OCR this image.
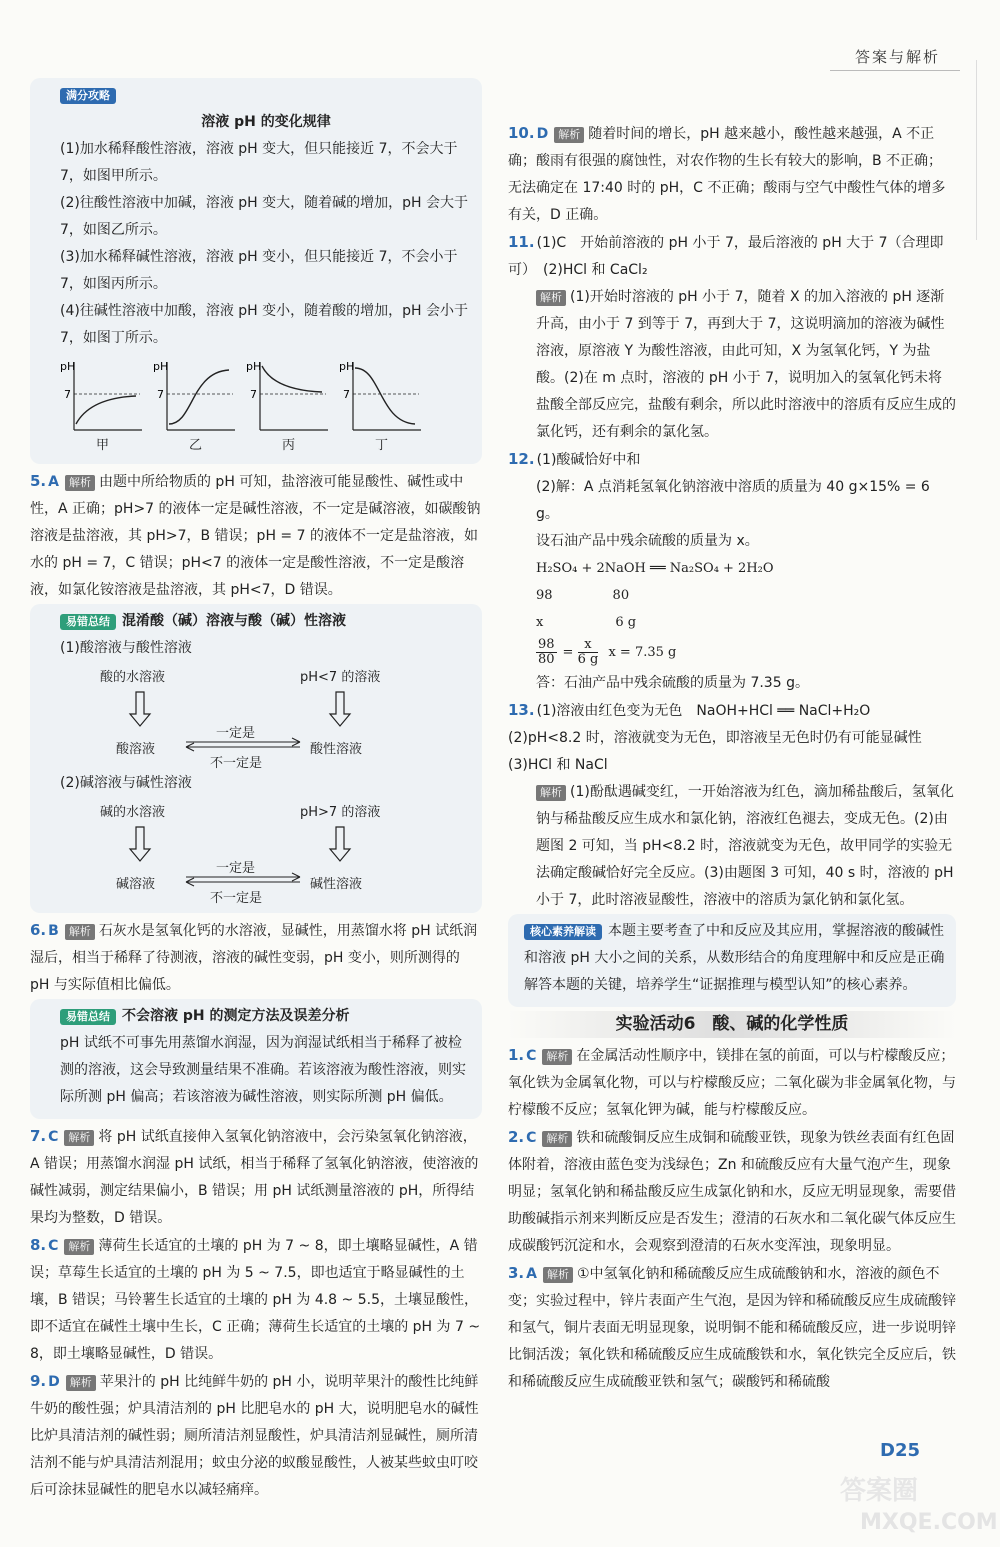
答案与解析
满分攻略
溶液 pH 的变化规律

(1)加水稀释酸性溶液，溶液 pH 变大，但只能接近 7，不会大于 7，如图甲所示。

(2)往酸性溶液中加碱，溶液 pH 变大，随着碱的增加，pH 会大于 7，如图乙所示。

(3)加水稀释碱性溶液，溶液 pH 变小，但只能接近 7，不会小于 7，如图丙所示。

(4)往碱性溶液中加酸，溶液 pH 变小，随着酸的增加，pH 会小于 7，如图丁所示。

pH
7
甲
pH
7
乙
pH
7
丙
pH
7
丁

5. A 解析 由题中所给物质的 pH 可知，盐溶液可能显酸性、碱性或中性，A 正确；pH>7 的液体一定是碱性溶液，不一定是碱溶液，如碳酸钠溶液是盐溶液，其 pH>7，B 错误；pH = 7 的液体不一定是盐溶液，如水的 pH = 7，C 错误；pH<7 的液体一定是酸性溶液，不一定是酸溶液，如氯化铵溶液是盐溶液，其 pH<7，D 错误。

易错总结 混淆酸（碱）溶液与酸（碱）性溶液

(1)酸溶液与酸性溶液

酸的水溶液	pH<7 的溶液
一定是
酸溶液	酸性溶液
不一定是

(2)碱溶液与碱性溶液

碱的水溶液	pH>7 的溶液
一定是
碱溶液	碱性溶液
不一定是

6. B 解析 石灰水是氢氧化钙的水溶液，显碱性，用蒸馏水将 pH 试纸润湿后，相当于稀释了待测液，溶液的碱性变弱，pH 变小，则所测得的 pH 与实际值相比偏低。

易错总结 不会溶液 pH 的测定方法及误差分析

pH 试纸不可事先用蒸馏水润湿，因为润湿试纸相当于稀释了被检测的溶液，这会导致测量结果不准确。若该溶液为酸性溶液，则实际所测 pH 偏高；若该溶液为碱性溶液，则实际所测 pH 偏低。

7. C 解析 将 pH 试纸直接伸入氢氧化钠溶液中，会污染氢氧化钠溶液，A 错误；用蒸馏水润湿 pH 试纸，相当于稀释了氢氧化钠溶液，使溶液的碱性减弱，测定结果偏小，B 错误；用 pH 试纸测量溶液的 pH，所得结果均为整数，D 错误。

8. C 解析 薄荷生长适宜的土壤的 pH 为 7 ~ 8，即土壤略显碱性，A 错误；草莓生长适宜的土壤的 pH 为 5 ~ 7.5，即也适宜于略显碱性的土壤，B 错误；马铃薯生长适宜的土壤的 pH 为 4.8 ~ 5.5，土壤显酸性，即不适宜在碱性土壤中生长，C 正确；薄荷生长适宜的土壤的 pH 为 7 ~ 8，即土壤略显碱性，D 错误。

9. D 解析 苹果汁的 pH 比纯鲜牛奶的 pH 小，说明苹果汁的酸性比纯鲜牛奶的酸性强；炉具清洁剂的 pH 比肥皂水的 pH 大，说明肥皂水的碱性比炉具清洁剂的碱性弱；厕所清洁剂显酸性，炉具清洁剂显碱性，厕所清洁剂不能与炉具清洁剂混用；蚊虫分泌的蚁酸显酸性，人被某些蚊虫叮咬后可涂抹显碱性的肥皂水以减轻痛痒。

10. D 解析 随着时间的增长，pH 越来越小，酸性越来越强，A 不正确；酸雨有很强的腐蚀性，对农作物的生长有较大的影响，B 不正确；无法确定在 17:40 时的 pH，C 不正确；酸雨与空气中酸性气体的增多有关，D 正确。

11. (1)C　开始前溶液的 pH 小于 7，最后溶液的 pH 大于 7（合理即可）　(2)HCl 和 CaCl₂

解析 (1)开始时溶液的 pH 小于 7，随着 X 的加入溶液的 pH 逐渐升高，由小于 7 到等于 7，再到大于 7，这说明滴加的溶液为碱性溶液，原溶液 Y 为酸性溶液，由此可知，X 为氢氧化钙，Y 为盐酸。(2)在 m 点时，溶液的 pH 小于 7，说明加入的氢氧化钙未将盐酸全部反应完，盐酸有剩余，所以此时溶液中的溶质有反应生成的氯化钙，还有剩余的氯化氢。

12. (1)酸碱恰好中和

(2)解：A 点消耗氢氧化钠溶液中溶质的质量为 40 g×15% = 6 g。

设石油产品中残余硫酸的质量为 x。

H₂SO₄ + 2NaOH ══ Na₂SO₄ + 2H₂O

98	80

x	6 g

$\frac{98}{80} = \frac{x}{6 g}$ x = 7.35 g

答：石油产品中残余硫酸的质量为 7.35 g。

13. (1)溶液由红色变为无色　NaOH+HCl ══ NaCl+H₂O　(2)pH<8.2 时，溶液就变为无色，即溶液呈无色时仍有可能显碱性　(3)HCl 和 NaCl

解析 (1)酚酞遇碱变红，一开始溶液为红色，滴加稀盐酸后，氢氧化钠与稀盐酸反应生成水和氯化钠，溶液红色褪去，变成无色。(2)由题图 2 可知，当 pH<8.2 时，溶液就变为无色，故甲同学的实验无法确定酸碱恰好完全反应。(3)由题图 3 可知，40 s 时，溶液的 pH 小于 7，此时溶液显酸性，溶液中的溶质为氯化钠和氯化氢。

核心素养解读 本题主要考查了中和反应及其应用，掌握溶液的酸碱性和溶液 pH 大小之间的关系，从数形结合的角度理解中和反应是正确解答本题的关键，培养学生“证据推理与模型认知”的核心素养。
实验活动6　酸、碱的化学性质

1. C 解析 在金属活动性顺序中，镁排在氢的前面，可以与柠檬酸反应；氧化铁为金属氧化物，可以与柠檬酸反应；二氧化碳为非金属氧化物，与柠檬酸不反应；氢氧化钾为碱，能与柠檬酸反应。

2. C 解析 铁和硫酸铜反应生成铜和硫酸亚铁，现象为铁丝表面有红色固体附着，溶液由蓝色变为浅绿色；Zn 和硫酸反应有大量气泡产生，现象明显；氢氧化钠和稀盐酸反应生成氯化钠和水，反应无明显现象，需要借助酸碱指示剂来判断反应是否发生；澄清的石灰水和二氧化碳气体反应生成碳酸钙沉淀和水，会观察到澄清的石灰水变浑浊，现象明显。

3. A 解析 ①中氢氧化钠和稀硫酸反应生成硫酸钠和水，溶液的颜色不变；实验过程中，锌片表面产生气泡，是因为锌和稀硫酸反应生成硫酸锌和氢气，铜片表面无明显现象，说明铜不能和稀硫酸反应，进一步说明锌比铜活泼；氧化铁和稀硫酸反应生成硫酸铁和水，氧化铁完全反应后，铁和稀硫酸反应生成硫酸亚铁和氢气；碳酸钙和稀硫酸

D25
答案圈
MXQE.COM
